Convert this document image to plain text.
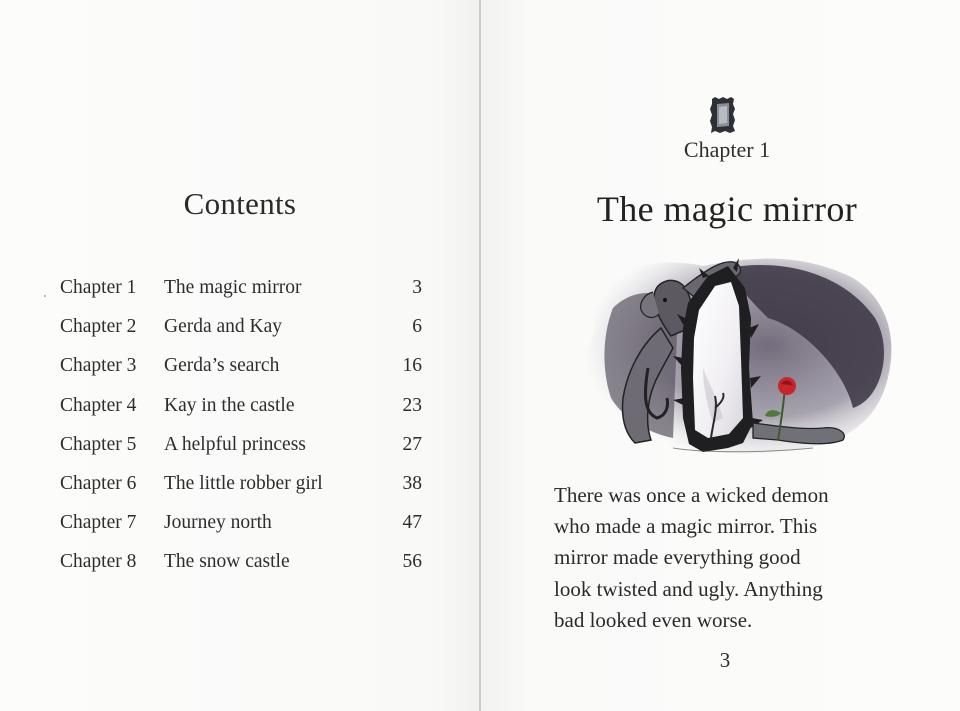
Contents
Chapter 1 The magic mirror	3
Chapter 2 Gerda and Kay	6
Chapter 3 Gerda’s search	16
Chapter 4 Kay in the castle	23
Chapter 5 A helpful princess	27
Chapter 6 The little robber girl	38
Chapter 7 Journey north	47
Chapter 8 The snow castle	56
Chapter 1
The magic mirror
There was once a wicked demon
who made a magic mirror. This
mirror made everything good
look twisted and ugly. Anything
bad looked even worse.
3
